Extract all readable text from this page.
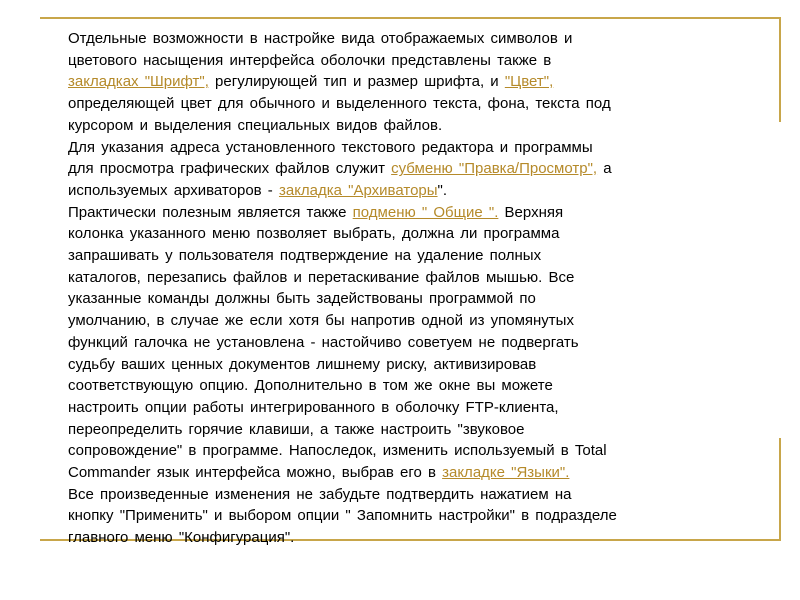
Отдельные возможности в настройке вида отображаемых символов и
цветового насыщения интерфейса оболочки представлены также в
закладках "Шрифт", регулирующей тип и размер шрифта, и "Цвет",
определяющей цвет для обычного и выделенного текста, фона, текста под
курсором и выделения специальных видов файлов.
Для указания адреса установленного текстового редактора и программы
для просмотра графических файлов служит субменю "Правка/Просмотр", а
используемых архиваторов - закладка "Архиваторы".
Практически полезным является также подменю " Общие ". Верхняя
колонка указанного меню позволяет выбрать, должна ли программа
запрашивать у пользователя подтверждение на удаление полных
каталогов, перезапись файлов и перетаскивание файлов мышью. Все
указанные команды должны быть задействованы программой по
умолчанию, в случае же если хотя бы напротив одной из упомянутых
функций галочка не установлена - настойчиво советуем не подвергать
судьбу ваших ценных документов лишнему риску, активизировав
соответствующую опцию. Дополнительно в том же окне вы можете
настроить опции работы интегрированного в оболочку FTP-клиента,
переопределить горячие клавиши, а также настроить "звуковое
сопровождение" в программе. Напоследок, изменить используемый в Total
Commander язык интерфейса можно, выбрав его в закладке "Языки".
Все произведенные изменения не забудьте подтвердить нажатием на
кнопку "Применить" и выбором опции " Запомнить настройки" в подразделе
главного меню "Конфигурация".
